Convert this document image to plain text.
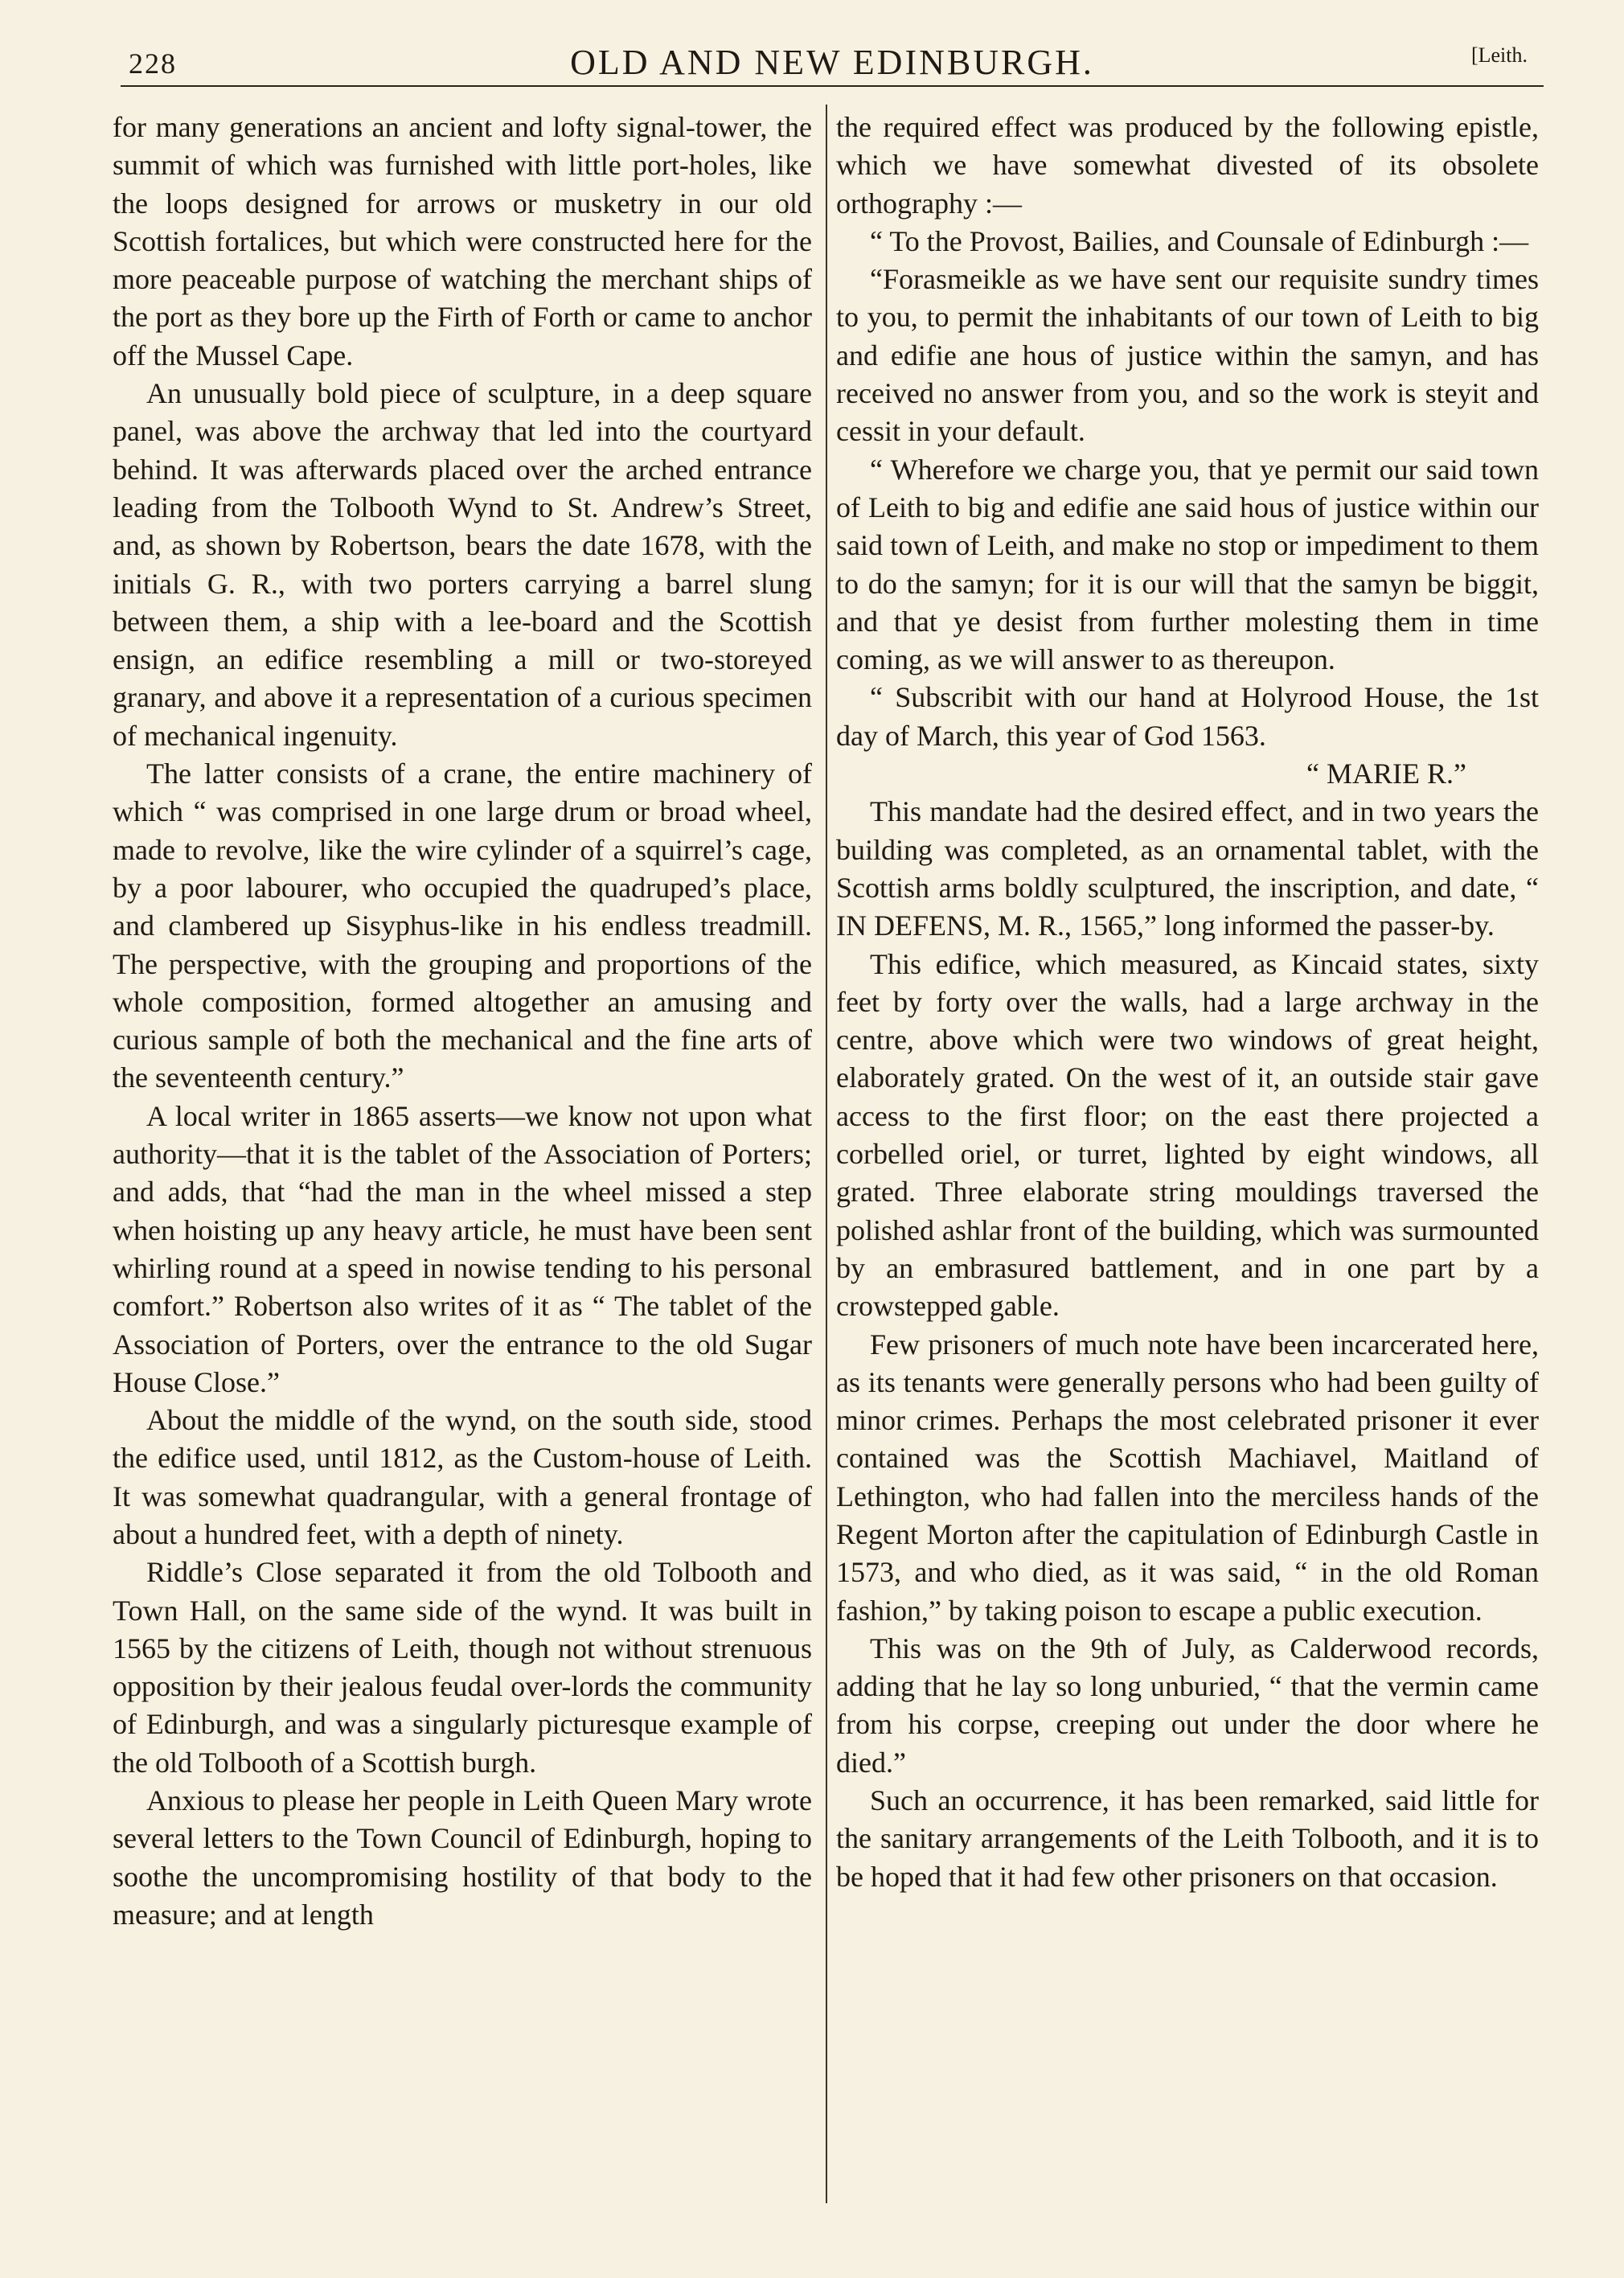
228	OLD AND NEW EDINBURGH.	[Leith.

for many generations an ancient and lofty signal-tower, the summit of which was furnished with little port-holes, like the loops designed for arrows or musketry in our old Scottish fortalices, but which were constructed here for the more peaceable purpose of watching the merchant ships of the port as they bore up the Firth of Forth or came to anchor off the Mussel Cape.

An unusually bold piece of sculpture, in a deep square panel, was above the archway that led into the courtyard behind. It was afterwards placed over the arched entrance leading from the Tolbooth Wynd to St. Andrew’s Street, and, as shown by Robertson, bears the date 1678, with the initials G. R., with two porters carrying a barrel slung between them, a ship with a lee-board and the Scottish ensign, an edifice resembling a mill or two-storeyed granary, and above it a representation of a curious specimen of mechanical ingenuity.

The latter consists of a crane, the entire machinery of which “ was comprised in one large drum or broad wheel, made to revolve, like the wire cylinder of a squirrel’s cage, by a poor labourer, who occupied the quadruped’s place, and clambered up Sisyphus-like in his endless treadmill. The perspective, with the grouping and proportions of the whole composition, formed altogether an amusing and curious sample of both the mechanical and the fine arts of the seventeenth century.”

A local writer in 1865 asserts—we know not upon what authority—that it is the tablet of the Association of Porters; and adds, that “had the man in the wheel missed a step when hoisting up any heavy article, he must have been sent whirling round at a speed in nowise tending to his personal comfort.” Robertson also writes of it as “ The tablet of the Association of Porters, over the entrance to the old Sugar House Close.”

About the middle of the wynd, on the south side, stood the edifice used, until 1812, as the Custom-house of Leith. It was somewhat quadrangular, with a general frontage of about a hundred feet, with a depth of ninety.

Riddle’s Close separated it from the old Tolbooth and Town Hall, on the same side of the wynd. It was built in 1565 by the citizens of Leith, though not without strenuous opposition by their jealous feudal over-lords the community of Edinburgh, and was a singularly picturesque example of the old Tolbooth of a Scottish burgh.

Anxious to please her people in Leith Queen Mary wrote several letters to the Town Council of Edinburgh, hoping to soothe the uncompromising hostility of that body to the measure; and at length

the required effect was produced by the following epistle, which we have somewhat divested of its obsolete orthography :—

“ To the Provost, Bailies, and Counsale of Edinburgh :—

“Forasmeikle as we have sent our requisite sundry times to you, to permit the inhabitants of our town of Leith to big and edifie ane hous of justice within the samyn, and has received no answer from you, and so the work is steyit and cessit in your default.

“ Wherefore we charge you, that ye permit our said town of Leith to big and edifie ane said hous of justice within our said town of Leith, and make no stop or impediment to them to do the samyn; for it is our will that the samyn be biggit, and that ye desist from further molesting them in time coming, as we will answer to as thereupon.

“ Subscribit with our hand at Holyrood House, the 1st day of March, this year of God 1563.

“ MARIE R.”

This mandate had the desired effect, and in two years the building was completed, as an ornamental tablet, with the Scottish arms boldly sculptured, the inscription, and date, “ IN DEFENS, M. R., 1565,” long informed the passer-by.

This edifice, which measured, as Kincaid states, sixty feet by forty over the walls, had a large archway in the centre, above which were two windows of great height, elaborately grated. On the west of it, an outside stair gave access to the first floor; on the east there projected a corbelled oriel, or turret, lighted by eight windows, all grated. Three elaborate string mouldings traversed the polished ashlar front of the building, which was surmounted by an embrasured battlement, and in one part by a crowstepped gable.

Few prisoners of much note have been incarcerated here, as its tenants were generally persons who had been guilty of minor crimes. Perhaps the most celebrated prisoner it ever contained was the Scottish Machiavel, Maitland of Lethington, who had fallen into the merciless hands of the Regent Morton after the capitulation of Edinburgh Castle in 1573, and who died, as it was said, “ in the old Roman fashion,” by taking poison to escape a public execution.

This was on the 9th of July, as Calderwood records, adding that he lay so long unburied, “ that the vermin came from his corpse, creeping out under the door where he died.”

Such an occurrence, it has been remarked, said little for the sanitary arrangements of the Leith Tolbooth, and it is to be hoped that it had few other prisoners on that occasion.
